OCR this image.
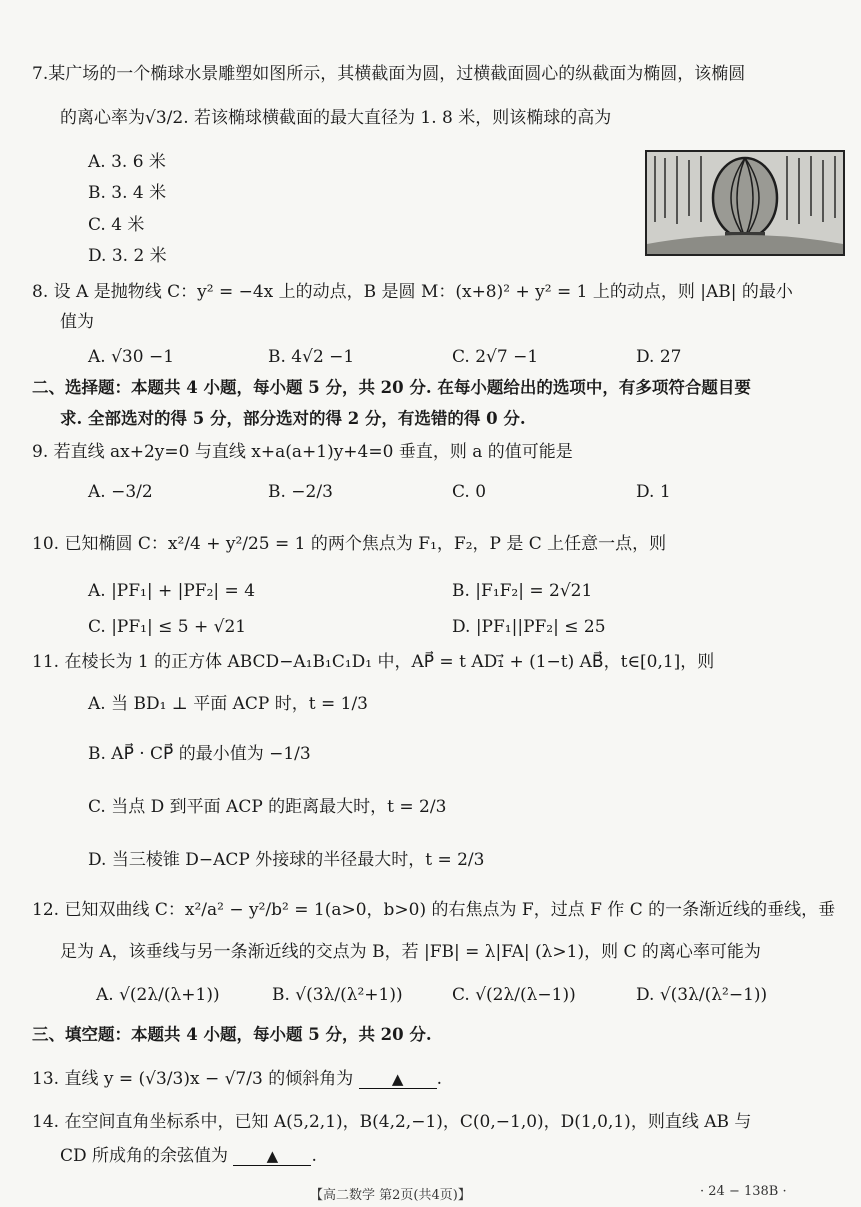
7.某广场的一个椭球水景雕塑如图所示，其横截面为圆，过横截面圆心的纵截面为椭圆，该椭圆
的离心率为√3/2. 若该椭球横截面的最大直径为 1. 8 米，则该椭球的高为
A. 3. 6 米
B. 3. 4 米
C. 4 米
D. 3. 2 米
8. 设 A 是抛物线 C：y² = −4x 上的动点，B 是圆 M：(x+8)² + y² = 1 上的动点，则 |AB| 的最小
值为
A. √30 −1	B. 4√2 −1	C. 2√7 −1	D. 27
二、选择题：本题共 4 小题，每小题 5 分，共 20 分. 在每小题给出的选项中，有多项符合题目要
求. 全部选对的得 5 分，部分选对的得 2 分，有选错的得 0 分.
9. 若直线 ax+2y=0 与直线 x+a(a+1)y+4=0 垂直，则 a 的值可能是
A. −3/2	B. −2/3	C. 0	D. 1
10. 已知椭圆 C：x²/4 + y²/25 = 1 的两个焦点为 F₁，F₂，P 是 C 上任意一点，则
A. |PF₁| + |PF₂| = 4	B. |F₁F₂| = 2√21
C. |PF₁| ≤ 5 + √21	D. |PF₁||PF₂| ≤ 25
11. 在棱长为 1 的正方体 ABCD−A₁B₁C₁D₁ 中，AP⃗ = t AD₁⃗ + (1−t) AB⃗，t∈[0,1]，则
A. 当 BD₁ ⊥ 平面 ACP 时，t = 1/3
B. AP⃗ · CP⃗ 的最小值为 −1/3
C. 当点 D 到平面 ACP 的距离最大时，t = 2/3
D. 当三棱锥 D−ACP 外接球的半径最大时，t = 2/3
12. 已知双曲线 C：x²/a² − y²/b² = 1(a>0，b>0) 的右焦点为 F，过点 F 作 C 的一条渐近线的垂线，垂
足为 A，该垂线与另一条渐近线的交点为 B，若 |FB| = λ|FA| (λ>1)，则 C 的离心率可能为
A. √(2λ/(λ+1))	B. √(3λ/(λ²+1))	C. √(2λ/(λ−1))	D. √(3λ/(λ²−1))
三、填空题：本题共 4 小题，每小题 5 分，共 20 分.
13. 直线 y = (√3/3)x − √7/3 的倾斜角为	▲ .
14. 在空间直角坐标系中，已知 A(5,2,1)，B(4,2,−1)，C(0,−1,0)，D(1,0,1)，则直线 AB 与
CD 所成角的余弦值为	▲ .
【高二数学 第2页(共4页)】	· 24 − 138B ·
